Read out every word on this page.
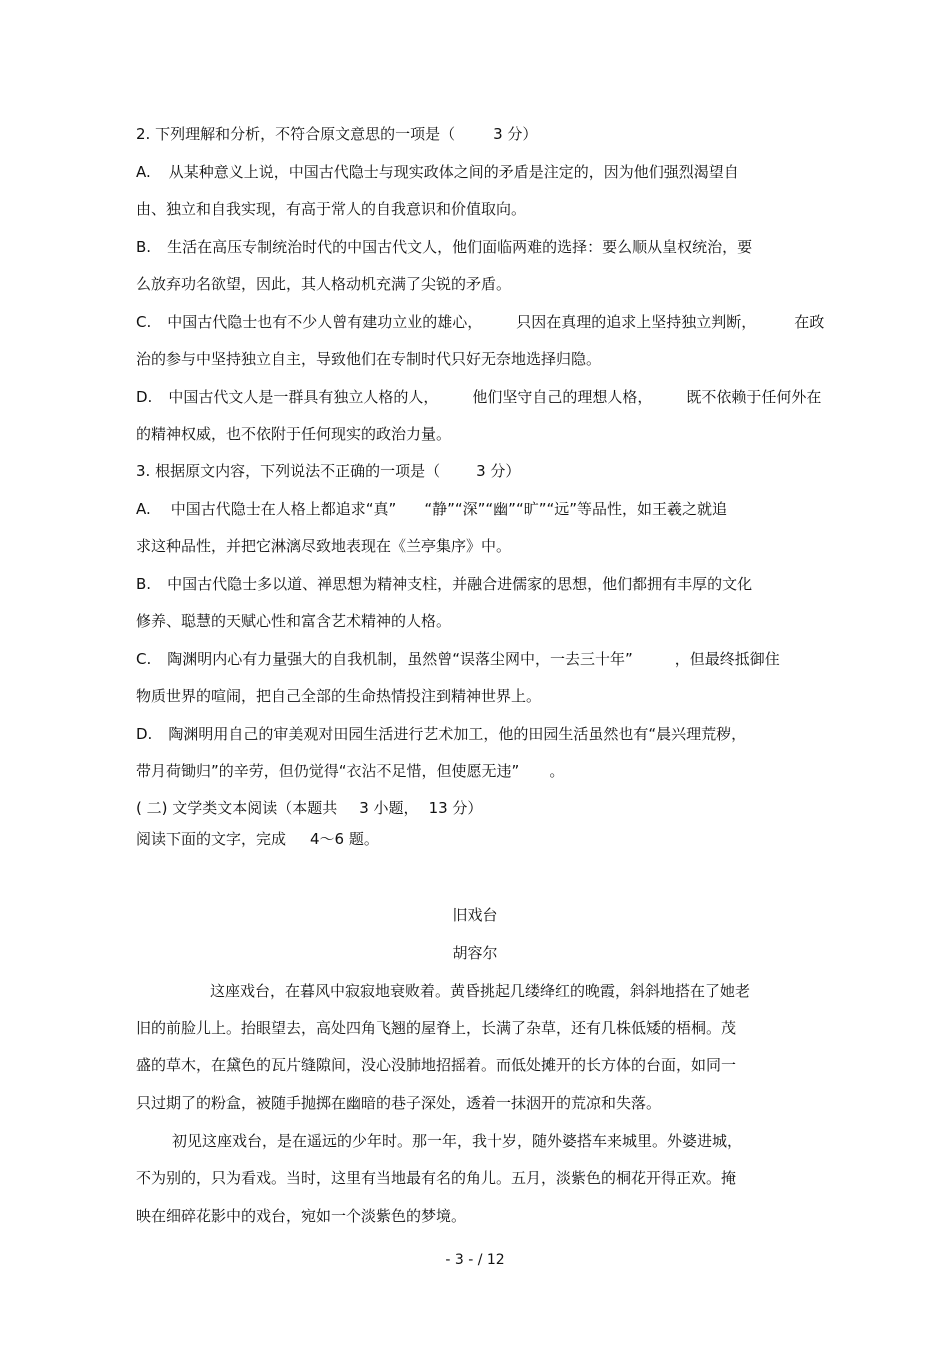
2. 下列理解和分析，不符合原文意思的一项是（	3 分）
A. 从某种意义上说，中国古代隐士与现实政体之间的矛盾是注定的，因为他们强烈渴望自
由、独立和自我实现，有高于常人的自我意识和价值取向。
B. 生活在高压专制统治时代的中国古代文人，他们面临两难的选择：要么顺从皇权统治，要
么放弃功名欲望，因此，其人格动机充满了尖锐的矛盾。
C. 中国古代隐士也有不少人曾有建功立业的雄心， 只因在真理的追求上坚持独立判断，	在政
治的参与中坚持独立自主，导致他们在专制时代只好无奈地选择归隐。
D. 中国古代文人是一群具有独立人格的人， 他们坚守自己的理想人格， 既不依赖于任何外在
的精神权威，也不依附于任何现实的政治力量。
3. 根据原文内容，下列说法不正确的一项是（ 3 分）
A. 中国古代隐士在人格上都追求“真” “静”“深”“幽”“旷”“远”等品性，如王羲之就追
求这种品性，并把它淋漓尽致地表现在《兰亭集序》中。
B. 中国古代隐士多以道、禅思想为精神支柱，并融合进儒家的思想，他们都拥有丰厚的文化
修养、聪慧的天赋心性和富含艺术精神的人格。
C. 陶渊明内心有力量强大的自我机制，虽然曾“误落尘网中，一去三十年”	，但最终抵御住
物质世界的喧闹，把自己全部的生命热情投注到精神世界上。
D. 陶渊明用自己的审美观对田园生活进行艺术加工，他的田园生活虽然也有“晨兴理荒秽，
带月荷锄归”的辛劳，但仍觉得“衣沾不足惜，但使愿无违” 。
( 二) 文学类文本阅读（本题共 3 小题， 13 分）
阅读下面的文字，完成 4～6 题。
旧戏台
胡容尔
这座戏台，在暮风中寂寂地衰败着。黄昏挑起几缕绛红的晚霞，斜斜地搭在了她老
旧的前脸儿上。抬眼望去，高处四角飞翘的屋脊上，长满了杂草，还有几株低矮的梧桐。茂
盛的草木，在黛色的瓦片缝隙间，没心没肺地招摇着。而低处摊开的长方体的台面，如同一
只过期了的粉盒，被随手抛掷在幽暗的巷子深处，透着一抹洇开的荒凉和失落。
初见这座戏台，是在遥远的少年时。那一年，我十岁，随外婆搭车来城里。外婆进城，
不为别的，只为看戏。当时，这里有当地最有名的角儿。五月，淡紫色的桐花开得正欢。掩
映在细碎花影中的戏台，宛如一个淡紫色的梦境。
- 3 - / 12
